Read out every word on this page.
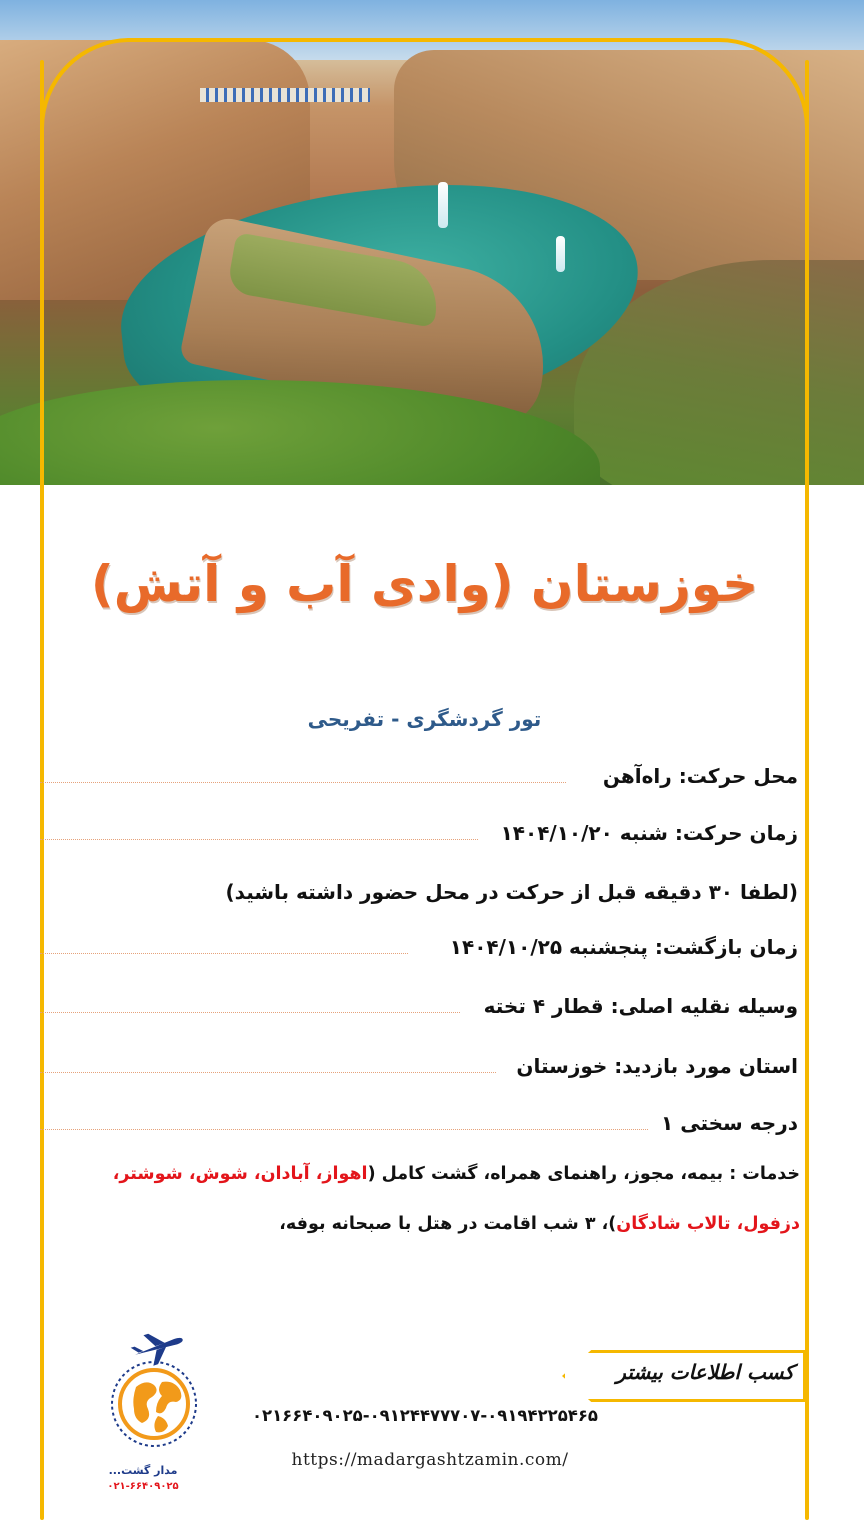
خوزستان (وادی آب و آتش)
تور گردشگری - تفریحی
محل حرکت: راه‌آهن
زمان حرکت: شنبه ۱۴۰۴/۱۰/۲۰
(لطفا ۳۰ دقیقه قبل از حرکت در محل حضور داشته باشید)
زمان بازگشت: پنجشنبه ۱۴۰۴/۱۰/۲۵
وسیله نقلیه اصلی: قطار ۴ تخته
استان مورد بازدید: خوزستان
درجه سختی ۱
خدمات : بیمه، مجوز، راهنمای همراه، گشت کامل (اهواز، آبادان، شوش، شوشتر،
دزفول، تالاب شادگان)، ۳ شب اقامت در هتل با صبحانه بوفه،
کسب اطلاعات بیشتر
۰۲۱۶۶۴۰۹۰۲۵-۰۹۱۲۴۴۷۷۷۰۷-۰۹۱۹۴۲۲۵۴۶۵
https://madargashtzamin.com/
مدار گشت...
۰۲۱-۶۶۴۰۹۰۲۵
